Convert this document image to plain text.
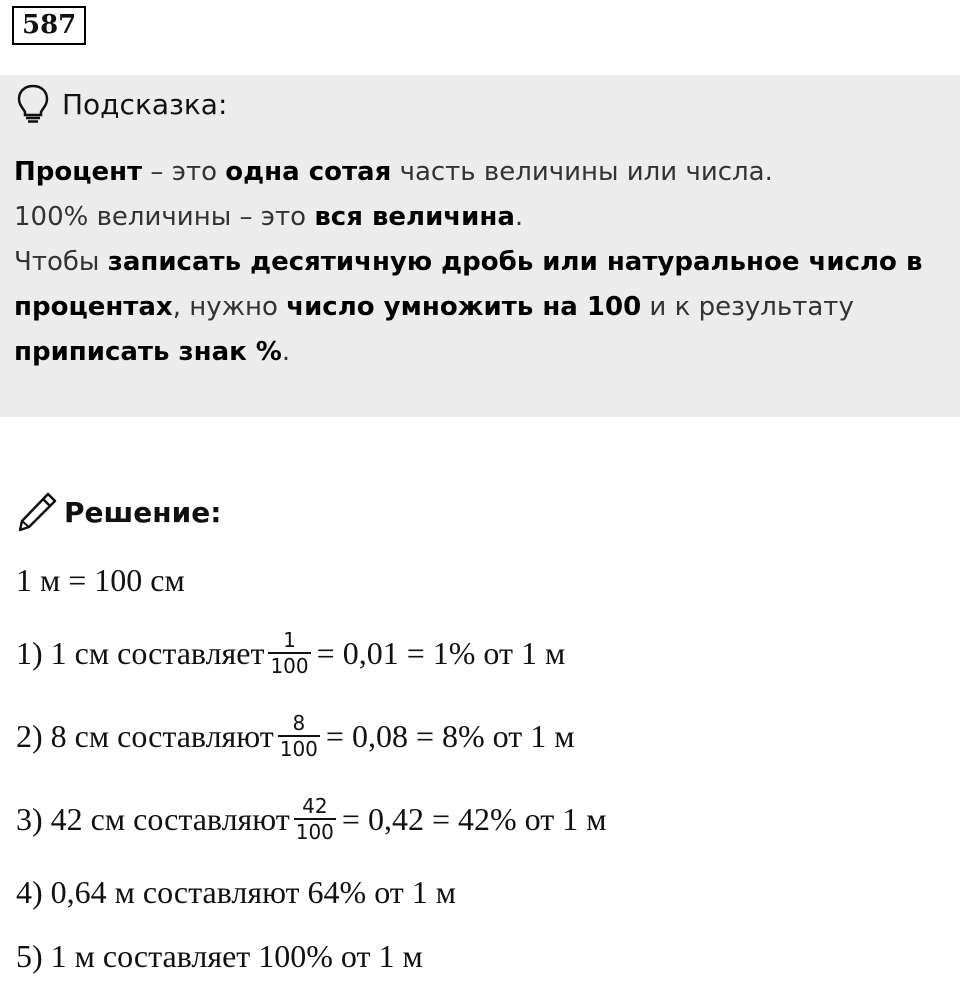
587
Подсказка:
Процент – это одна сотая часть величины или числа.
100% величины – это вся величина.
Чтобы записать десятичную дробь или натуральное число в процентах, нужно число умножить на 100 и к результату приписать знак %.
Решение:
1 м = 100 см
1) 1 см составляет $\frac{1}{100} = 0,01 = 1\%$ от 1 м
2) 8 см составляют $\frac{8}{100} = 0,08 = 8\%$ от 1 м
3) 42 см составляют $\frac{42}{100} = 0,42 = 42\%$ от 1 м
4) 0,64 м составляют 64% от 1 м
5) 1 м составляет 100% от 1 м
